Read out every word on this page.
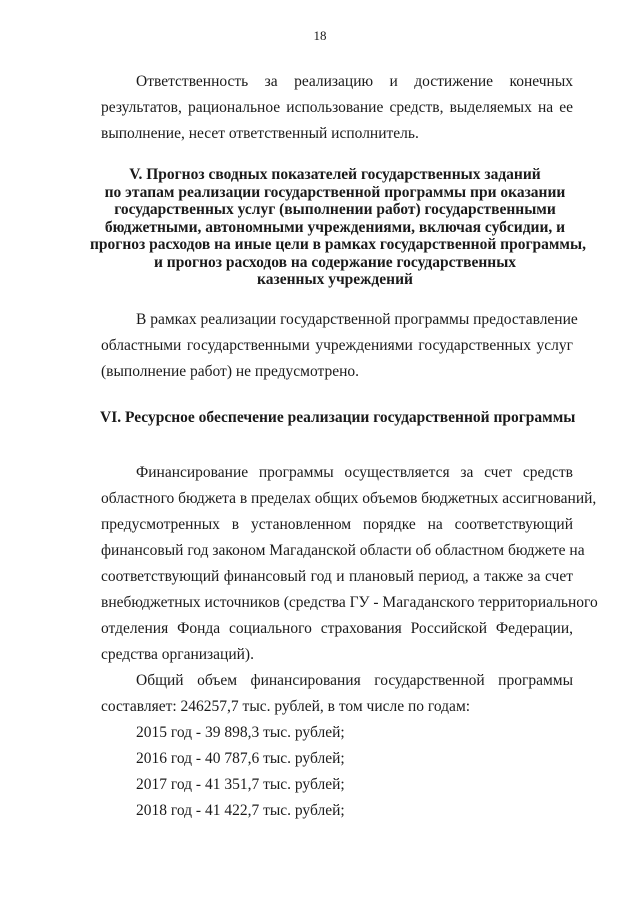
18
Ответственность за реализацию и достижение конечных
результатов, рациональное использование средств, выделяемых на ее
выполнение, несет ответственный исполнитель.
V. Прогноз сводных показателей государственных заданий
по этапам реализации государственной программы при оказании
государственных услуг (выполнении работ) государственными
бюджетными, автономными учреждениями, включая субсидии, и
прогноз расходов на иные цели в рамках государственной программы,
и прогноз расходов на содержание государственных
казенных учреждений
В рамках реализации государственной программы предоставление
областными государственными учреждениями государственных услуг
(выполнение работ) не предусмотрено.
VI. Ресурсное обеспечение реализации государственной программы
Финансирование программы осуществляется за счет средств
областного бюджета в пределах общих объемов бюджетных ассигнований,
предусмотренных в установленном порядке на соответствующий
финансовый год законом Магаданской области об областном бюджете на
соответствующий финансовый год и плановый период, а также за счет
внебюджетных источников (средства ГУ - Магаданского территориального
отделения Фонда социального страхования Российской Федерации,
средства организаций).
Общий объем финансирования государственной программы
составляет: 246257,7 тыс. рублей, в том числе по годам:
2015 год - 39 898,3 тыс. рублей;
2016 год - 40 787,6 тыс. рублей;
2017 год - 41 351,7 тыс. рублей;
2018 год - 41 422,7 тыс. рублей;
